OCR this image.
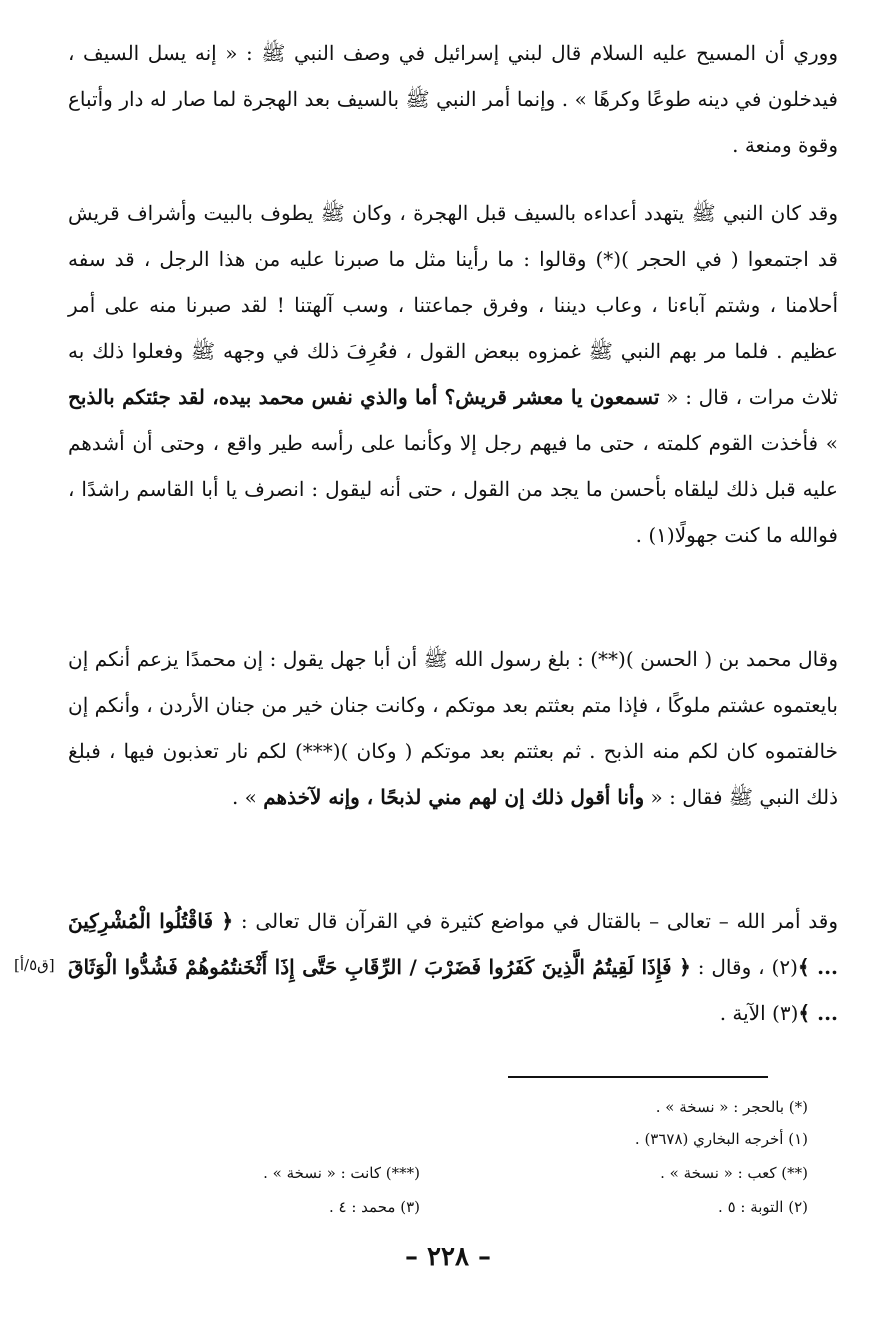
ووري أن المسيح عليه السلام قال لبني إسرائيل في وصف النبي ﷺ : « إنه يسل السيف ، فيدخلون في دينه طوعًا وكرهًا » . وإنما أمر النبي ﷺ بالسيف بعد الهجرة لما صار له دار وأتباع وقوة ومنعة .

وقد كان النبي ﷺ يتهدد أعداءه بالسيف قبل الهجرة ، وكان ﷺ يطوف بالبيت وأشراف قريش قد اجتمعوا ( في الحجر )(*) وقالوا : ما رأينا مثل ما صبرنا عليه من هذا الرجل ، قد سفه أحلامنا ، وشتم آباءنا ، وعاب ديننا ، وفرق جماعتنا ، وسب آلهتنا ! لقد صبرنا منه على أمر عظيم . فلما مر بهم النبي ﷺ غمزوه ببعض القول ، فعُرِفَ ذلك في وجهه ﷺ وفعلوا ذلك به ثلاث مرات ، قال : « تسمعون يا معشر قريش؟ أما والذي نفس محمد بيده، لقد جئتكم بالذبح » فأخذت القوم كلمته ، حتى ما فيهم رجل إلا وكأنما على رأسه طير واقع ، وحتى أن أشدهم عليه قبل ذلك ليلقاه بأحسن ما يجد من القول ، حتى أنه ليقول : انصرف يا أبا القاسم راشدًا ، فوالله ما كنت جهولًا(١) .

وقال محمد بن ( الحسن )(**) : بلغ رسول الله ﷺ أن أبا جهل يقول : إن محمدًا يزعم أنكم إن بايعتموه عشتم ملوكًا ، فإذا متم بعثتم بعد موتكم ، وكانت جنان خير من جنان الأردن ، وأنكم إن خالفتموه كان لكم منه الذبح . ثم بعثتم بعد موتكم ( وكان )(***) لكم نار تعذبون فيها ، فبلغ ذلك النبي ﷺ فقال : « وأنا أقول ذلك إن لهم مني لذبحًا ، وإنه لآخذهم » .

وقد أمر الله – تعالى – بالقتال في مواضع كثيرة في القرآن قال تعالى : ﴿ فَاقْتُلُوا الْمُشْرِكِينَ ... ﴾(٢) ، وقال : ﴿ فَإِذَا لَقِيتُمُ الَّذِينَ كَفَرُوا فَضَرْبَ / الرِّقَابِ حَتَّى إِذَا أَثْخَنتُمُوهُمْ فَشُدُّوا الْوَثَاقَ ... ﴾(٣) الآية .

[ق٥/أ]
(*) بالحجر : « نسخة » .
(١) أخرجه البخاري (٣٦٧٨) .
(**) كعب : « نسخة » .
(***) كانت : « نسخة » .
(٢) التوبة : ٥ .
(٣) محمد : ٤ .
– ٢٢٨ –
